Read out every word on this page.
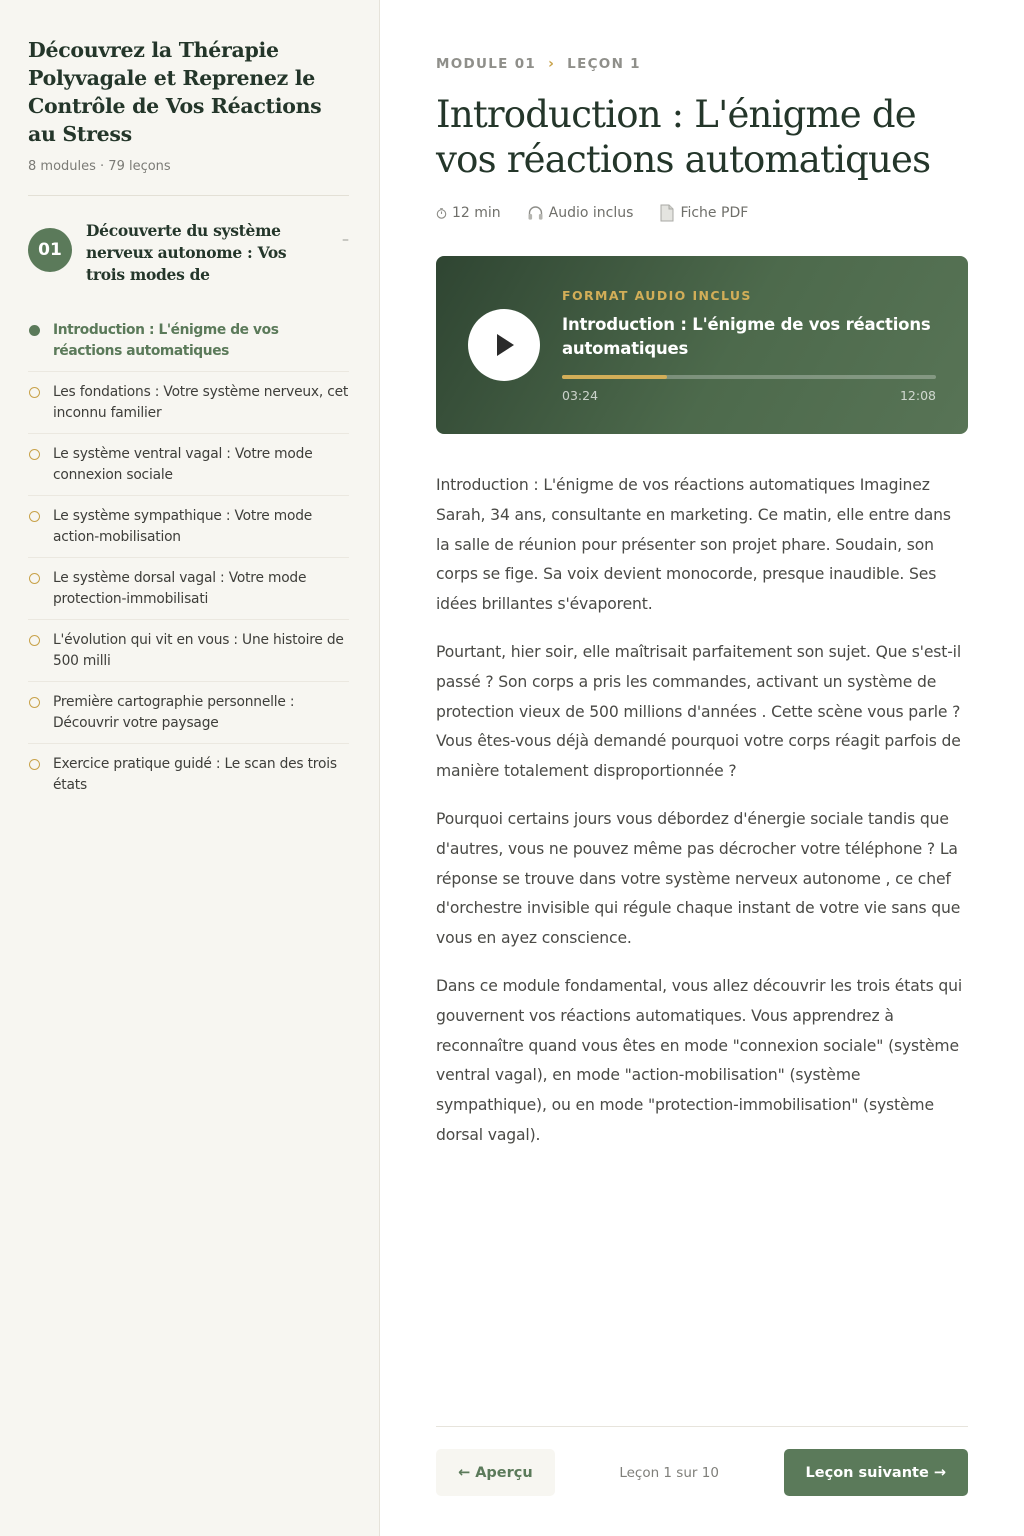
Découvrez la Thérapie Polyvagale et Reprenez le Contrôle de Vos Réactions au Stress
8 modules · 79 leçons
01
Découverte du système nerveux autonome : Vos trois modes de
–
Introduction : L'énigme de vos réactions automatiques
Les fondations : Votre système nerveux, cet inconnu familier
Le système ventral vagal : Votre mode connexion sociale
Le système sympathique : Votre mode action-mobilisation
Le système dorsal vagal : Votre mode protection-immobilisati
L'évolution qui vit en vous : Une histoire de 500 milli
Première cartographie personnelle : Découvrir votre paysage
Exercice pratique guidé : Le scan des trois états
MODULE 01 › LEÇON 1
Introduction : L'énigme de vos réactions automatiques
12 min	Audio inclus	Fiche PDF
FORMAT AUDIO INCLUS
Introduction : L'énigme de vos réactions automatiques
03:24	12:08

Introduction : L'énigme de vos réactions automatiques Imaginez Sarah, 34 ans, consultante en marketing. Ce matin, elle entre dans la salle de réunion pour présenter son projet phare. Soudain, son corps se fige. Sa voix devient monocorde, presque inaudible. Ses idées brillantes s'évaporent.

Pourtant, hier soir, elle maîtrisait parfaitement son sujet. Que s'est-il passé ? Son corps a pris les commandes, activant un système de protection vieux de 500 millions d'années . Cette scène vous parle ? Vous êtes-vous déjà demandé pourquoi votre corps réagit parfois de manière totalement disproportionnée ?

Pourquoi certains jours vous débordez d'énergie sociale tandis que d'autres, vous ne pouvez même pas décrocher votre téléphone ? La réponse se trouve dans votre système nerveux autonome , ce chef d'orchestre invisible qui régule chaque instant de votre vie sans que vous en ayez conscience.

Dans ce module fondamental, vous allez découvrir les trois états qui gouvernent vos réactions automatiques. Vous apprendrez à reconnaître quand vous êtes en mode "connexion sociale" (système ventral vagal), en mode "action-mobilisation" (système sympathique), ou en mode "protection-immobilisation" (système dorsal vagal).

← Aperçu	Leçon 1 sur 10	Leçon suivante →
